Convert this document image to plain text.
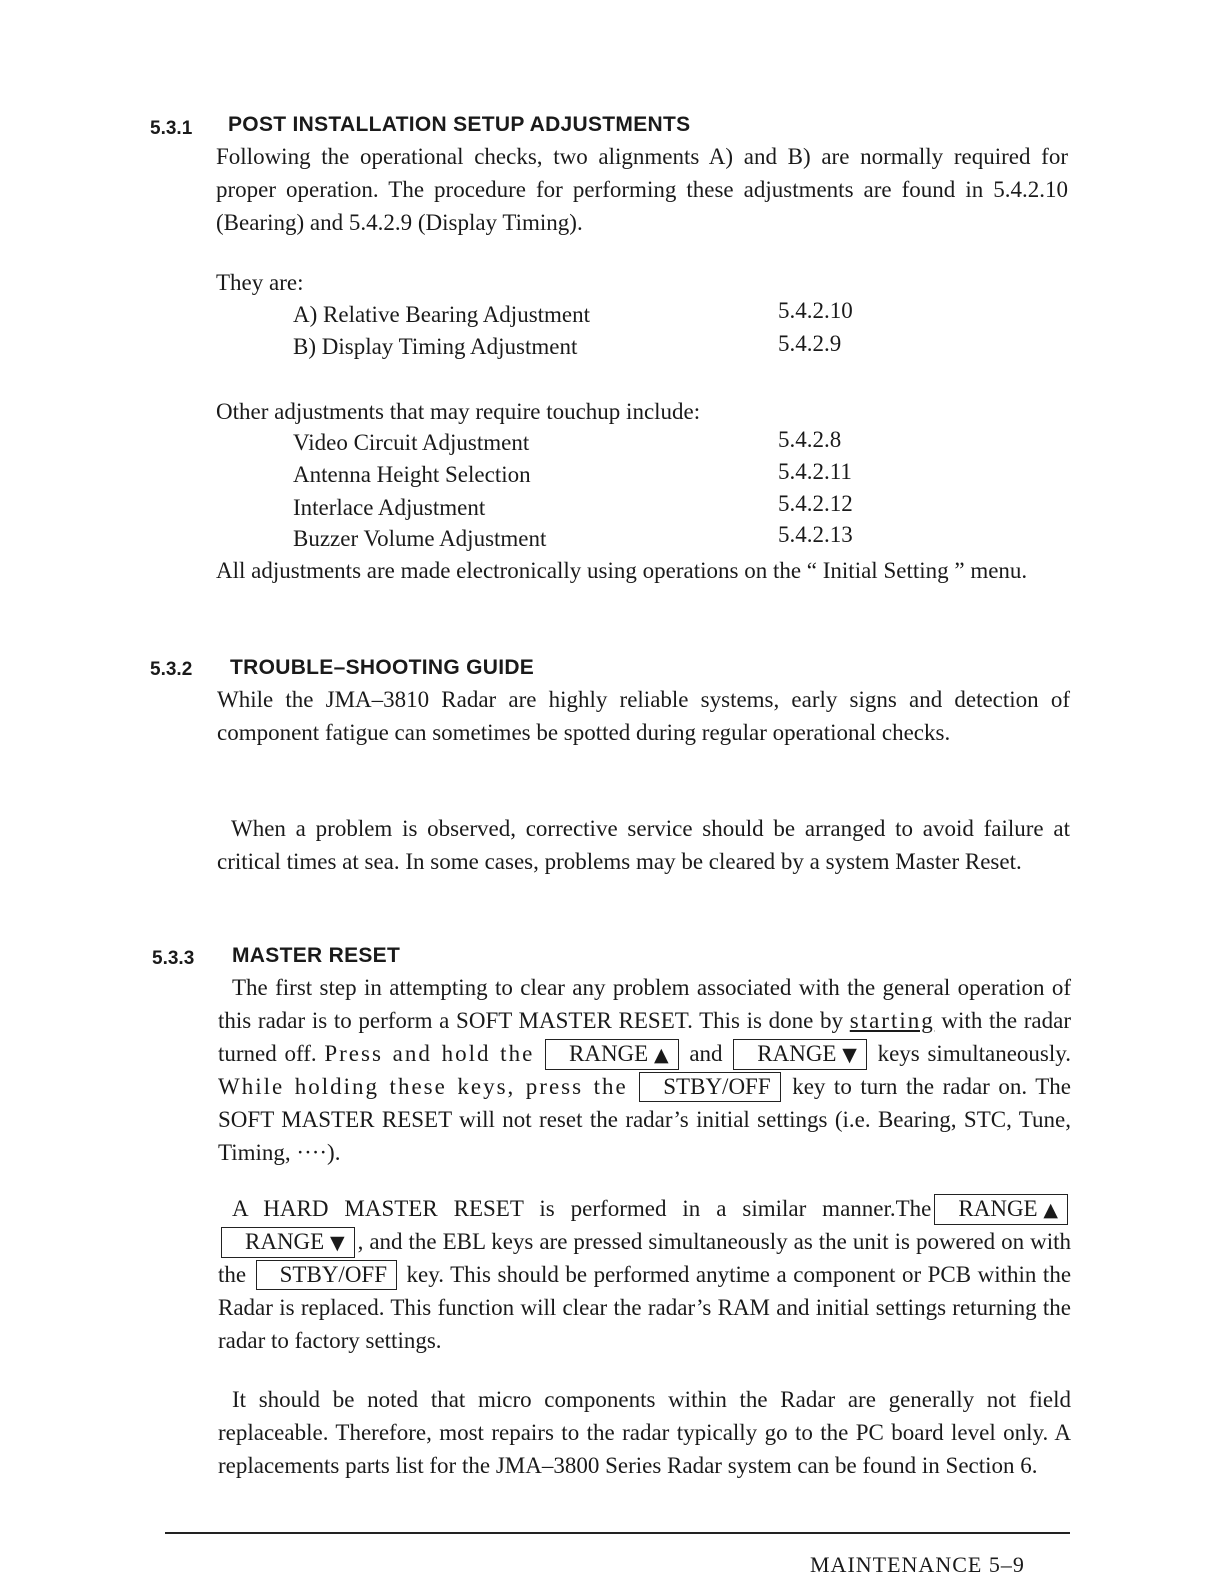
5.3.1 POST INSTALLATION SETUP ADJUSTMENTS
Following the operational checks, two alignments A) and B) are normally required for proper operation. The procedure for performing these adjustments are found in 5.4.2.10 (Bearing) and 5.4.2.9 (Display Timing).
They are:
A) Relative Bearing Adjustment	5.4.2.10
B) Display Timing Adjustment	5.4.2.9
Other adjustments that may require touchup include:
Video Circuit Adjustment	5.4.2.8
Antenna Height Selection	5.4.2.11
Interlace Adjustment	5.4.2.12
Buzzer Volume Adjustment	5.4.2.13
All adjustments are made electronically using operations on the “ Initial Setting ” menu.
5.3.2 TROUBLE–SHOOTING GUIDE
While the JMA–3810 Radar are highly reliable systems, early signs and detection of component fatigue can sometimes be spotted during regular operational checks.
When a problem is observed, corrective service should be arranged to avoid failure at critical times at sea. In some cases, problems may be cleared by a system Master Reset.
5.3.3 MASTER RESET
The first step in attempting to clear any problem associated with the general operation of this radar is to perform a SOFT MASTER RESET. This is done by starting with the radar turned off. Press and hold the RANGE ▲ and RANGE ▼ keys simultaneously. While holding these keys, press the STBY/OFF key to turn the radar on. The SOFT MASTER RESET will not reset the radar’s initial settings (i.e. Bearing, STC, Tune, Timing, ····).
A HARD MASTER RESET is performed in a similar manner.The RANGE ▲ RANGE ▼ , and the EBL keys are pressed simultaneously as the unit is powered on with the STBY/OFF key. This should be performed anytime a component or PCB within the Radar is replaced. This function will clear the radar’s RAM and initial settings returning the radar to factory settings.
It should be noted that micro components within the Radar are generally not field replaceable. Therefore, most repairs to the radar typically go to the PC board level only. A replacements parts list for the JMA–3800 Series Radar system can be found in Section 6.
MAINTENANCE 5–9
